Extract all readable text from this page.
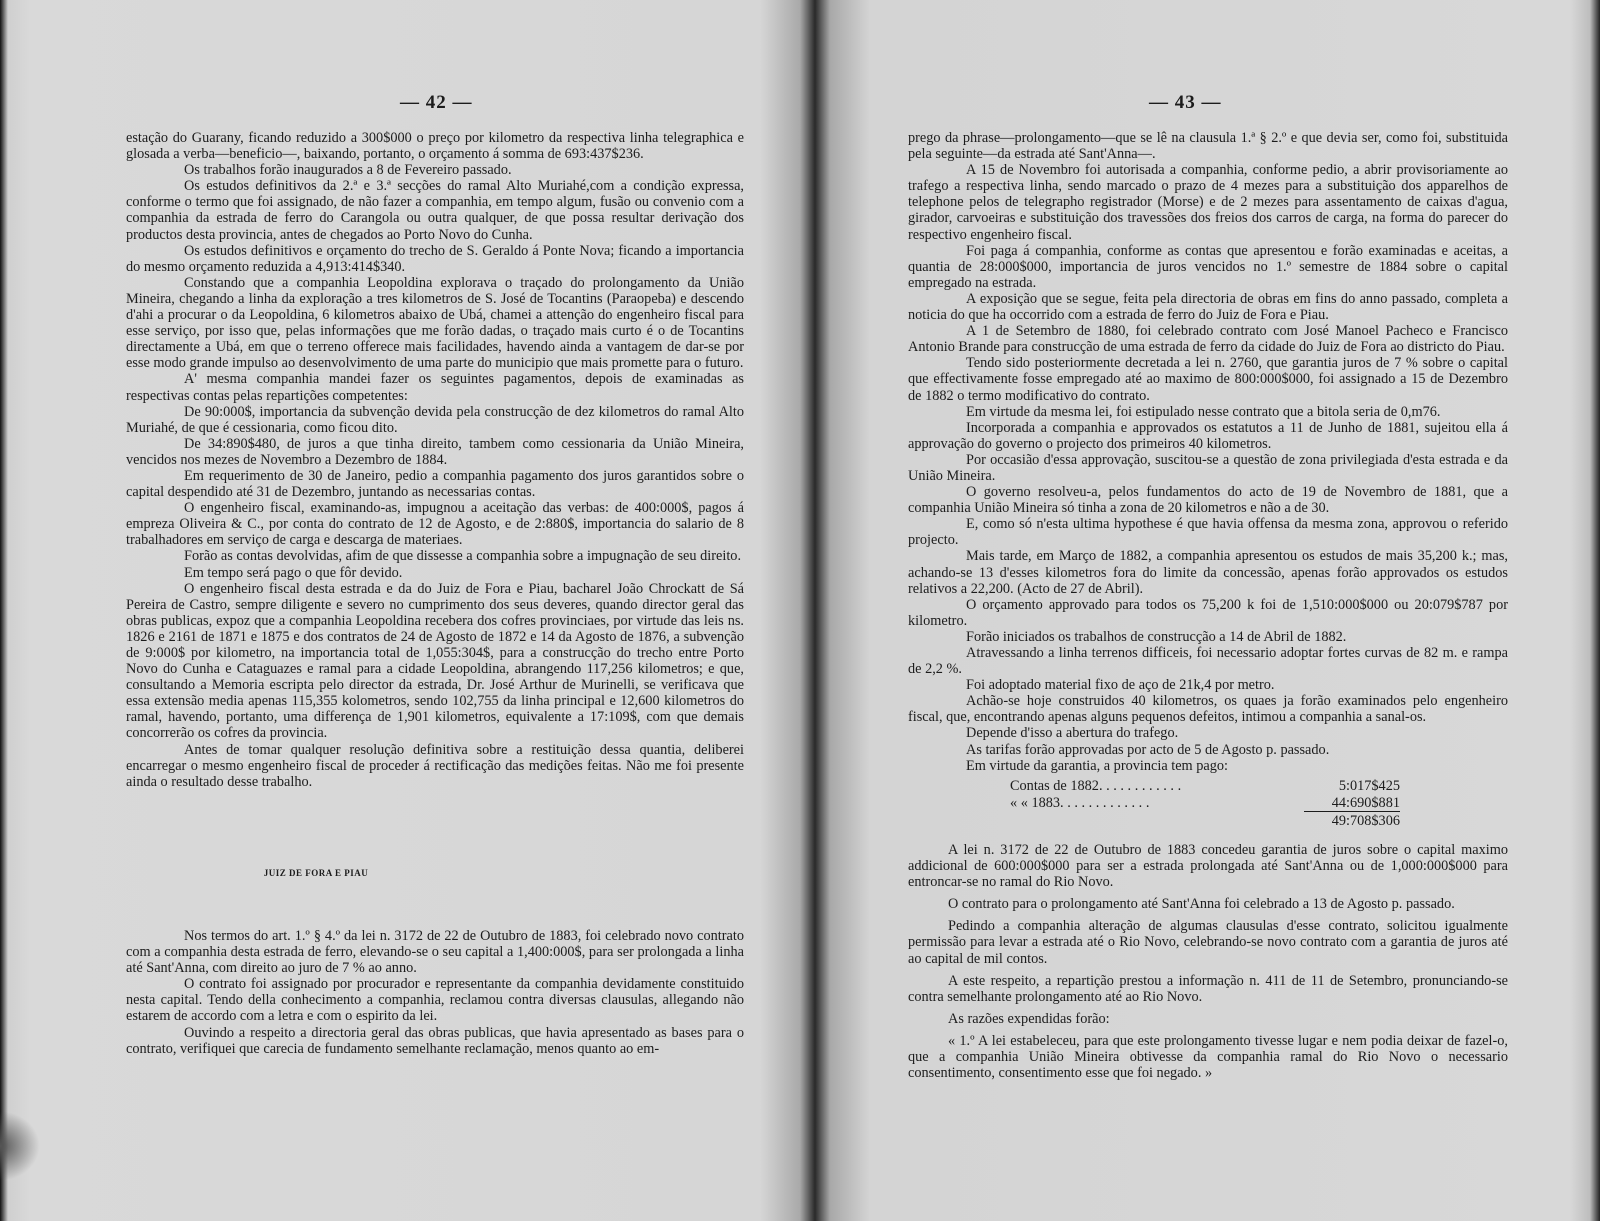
— 42 —

estação do Guarany, ficando reduzido a 300$000 o preço por kilometro da respectiva linha telegraphica e glosada a verba—beneficio—, baixando, portanto, o orçamento á somma de 693:437$236.

Os trabalhos forão inaugurados a 8 de Fevereiro passado.

Os estudos definitivos da 2.ª e 3.ª secções do ramal Alto Muriahé,com a condição expressa, conforme o termo que foi assignado, de não fazer a companhia, em tempo algum, fusão ou convenio com a companhia da estrada de ferro do Carangola ou outra qualquer, de que possa resultar derivação dos productos desta provincia, antes de chegados ao Porto Novo do Cunha.

Os estudos definitivos e orçamento do trecho de S. Geraldo á Ponte Nova; ficando a importancia do mesmo orçamento reduzida a 4,913:414$340.

Constando que a companhia Leopoldina explorava o traçado do prolongamento da União Mineira, chegando a linha da exploração a tres kilometros de S. José de Tocantins (Paraopeba) e descendo d'ahi a procurar o da Leopoldina, 6 kilometros abaixo de Ubá, chamei a attenção do engenheiro fiscal para esse serviço, por isso que, pelas informações que me forão dadas, o traçado mais curto é o de Tocantins directamente a Ubá, em que o terreno offerece mais facilidades, havendo ainda a vantagem de dar-se por esse modo grande impulso ao desenvolvimento de uma parte do municipio que mais promette para o futuro.

A' mesma companhia mandei fazer os seguintes pagamentos, depois de examinadas as respectivas contas pelas repartições competentes:

De 90:000$, importancia da subvenção devida pela construcção de dez kilometros do ramal Alto Muriahé, de que é cessionaria, como ficou dito.

De 34:890$480, de juros a que tinha direito, tambem como cessionaria da União Mineira, vencidos nos mezes de Novembro a Dezembro de 1884.

Em requerimento de 30 de Janeiro, pedio a companhia pagamento dos juros garantidos sobre o capital despendido até 31 de Dezembro, juntando as necessarias contas.

O engenheiro fiscal, examinando-as, impugnou a aceitação das verbas: de 400:000$, pagos á empreza Oliveira & C., por conta do contrato de 12 de Agosto, e de 2:880$, importancia do salario de 8 trabalhadores em serviço de carga e descarga de materiaes.

Forão as contas devolvidas, afim de que dissesse a companhia sobre a impugnação de seu direito.

Em tempo será pago o que fôr devido.

O engenheiro fiscal desta estrada e da do Juiz de Fora e Piau, bacharel João Chrockatt de Sá Pereira de Castro, sempre diligente e severo no cumprimento dos seus deveres, quando director geral das obras publicas, expoz que a companhia Leopoldina recebera dos cofres provinciaes, por virtude das leis ns. 1826 e 2161 de 1871 e 1875 e dos contratos de 24 de Agosto de 1872 e 14 da Agosto de 1876, a subvenção de 9:000$ por kilometro, na importancia total de 1,055:304$, para a construcção do trecho entre Porto Novo do Cunha e Cataguazes e ramal para a cidade Leopoldina, abrangendo 117,256 kilometros; e que, consultando a Memoria escripta pelo director da estrada, Dr. José Arthur de Murinelli, se verificava que essa extensão media apenas 115,355 kolometros, sendo 102,755 da linha principal e 12,600 kilometros do ramal, havendo, portanto, uma differença de 1,901 kilometros, equivalente a 17:109$, com que demais concorrerão os cofres da provincia.

Antes de tomar qualquer resolução definitiva sobre a restituição dessa quantia, deliberei encarregar o mesmo engenheiro fiscal de proceder á rectificação das medições feitas. Não me foi presente ainda o resultado desse trabalho.

JUIZ DE FORA E PIAU

Nos termos do art. 1.º § 4.º da lei n. 3172 de 22 de Outubro de 1883, foi celebrado novo contrato com a companhia desta estrada de ferro, elevando-se o seu capital a 1,400:000$, para ser prolongada a linha até Sant'Anna, com direito ao juro de 7 % ao anno.

O contrato foi assignado por procurador e representante da companhia devidamente constituido nesta capital. Tendo della conhecimento a companhia, reclamou contra diversas clausulas, allegando não estarem de accordo com a letra e com o espirito da lei.

Ouvindo a respeito a directoria geral das obras publicas, que havia apresentado as bases para o contrato, verifiquei que carecia de fundamento semelhante reclamação, menos quanto ao em-

— 43 —

prego da phrase—prolongamento—que se lê na clausula 1.ª § 2.º e que devia ser, como foi, substituida pela seguinte—da estrada até Sant'Anna—.

A 15 de Novembro foi autorisada a companhia, conforme pedio, a abrir provisoriamente ao trafego a respectiva linha, sendo marcado o prazo de 4 mezes para a substituição dos apparelhos de telephone pelos de telegrapho registrador (Morse) e de 2 mezes para assentamento de caixas d'agua, girador, carvoeiras e substituição dos travessões dos freios dos carros de carga, na forma do parecer do respectivo engenheiro fiscal.

Foi paga á companhia, conforme as contas que apresentou e forão examinadas e aceitas, a quantia de 28:000$000, importancia de juros vencidos no 1.º semestre de 1884 sobre o capital empregado na estrada.

A exposição que se segue, feita pela directoria de obras em fins do anno passado, completa a noticia do que ha occorrido com a estrada de ferro do Juiz de Fora e Piau.

A 1 de Setembro de 1880, foi celebrado contrato com José Manoel Pacheco e Francisco Antonio Brande para construcção de uma estrada de ferro da cidade do Juiz de Fora ao districto do Piau.

Tendo sido posteriormente decretada a lei n. 2760, que garantia juros de 7 % sobre o capital que effectivamente fosse empregado até ao maximo de 800:000$000, foi assignado a 15 de Dezembro de 1882 o termo modificativo do contrato.

Em virtude da mesma lei, foi estipulado nesse contrato que a bitola seria de 0,m76.

Incorporada a companhia e approvados os estatutos a 11 de Junho de 1881, sujeitou ella á approvação do governo o projecto dos primeiros 40 kilometros.

Por occasião d'essa approvação, suscitou-se a questão de zona privilegiada d'esta estrada e da União Mineira.

O governo resolveu-a, pelos fundamentos do acto de 19 de Novembro de 1881, que a companhia União Mineira só tinha a zona de 20 kilometros e não a de 30.

E, como só n'esta ultima hypothese é que havia offensa da mesma zona, approvou o referido projecto.

Mais tarde, em Março de 1882, a companhia apresentou os estudos de mais 35,200 k.; mas, achando-se 13 d'esses kilometros fora do limite da concessão, apenas forão approvados os estudos relativos a 22,200. (Acto de 27 de Abril).

O orçamento approvado para todos os 75,200 k foi de 1,510:000$000 ou 20:079$787 por kilometro.

Forão iniciados os trabalhos de construcção a 14 de Abril de 1882.

Atravessando a linha terrenos difficeis, foi necessario adoptar fortes curvas de 82 m. e rampa de 2,2 %.

Foi adoptado material fixo de aço de 21k,4 por metro.

Achão-se hoje construidos 40 kilometros, os quaes ja forão examinados pelo engenheiro fiscal, que, encontrando apenas alguns pequenos defeitos, intimou a companhia a sanal-os.

Depende d'isso a abertura do trafego.

As tarifas forão approvadas por acto de 5 de Agosto p. passado.

Em virtude da garantia, a provincia tem pago:

Contas de 1882. . . . . . . . . . . .	5:017$425
« « 1883. . . . . . . . . . . . .	44:690$881
49:708$306

A lei n. 3172 de 22 de Outubro de 1883 concedeu garantia de juros sobre o capital maximo addicional de 600:000$000 para ser a estrada prolongada até Sant'Anna ou de 1,000:000$000 para entroncar-se no ramal do Rio Novo.

O contrato para o prolongamento até Sant'Anna foi celebrado a 13 de Agosto p. passado.

Pedindo a companhia alteração de algumas clausulas d'esse contrato, solicitou igualmente permissão para levar a estrada até o Rio Novo, celebrando-se novo contrato com a garantia de juros até ao capital de mil contos.

A este respeito, a repartição prestou a informação n. 411 de 11 de Setembro, pronunciando-se contra semelhante prolongamento até ao Rio Novo.

As razões expendidas forão:

« 1.º A lei estabeleceu, para que este prolongamento tivesse lugar e nem podia deixar de fazel-o, que a companhia União Mineira obtivesse da companhia ramal do Rio Novo o necessario consentimento, consentimento esse que foi negado. »
